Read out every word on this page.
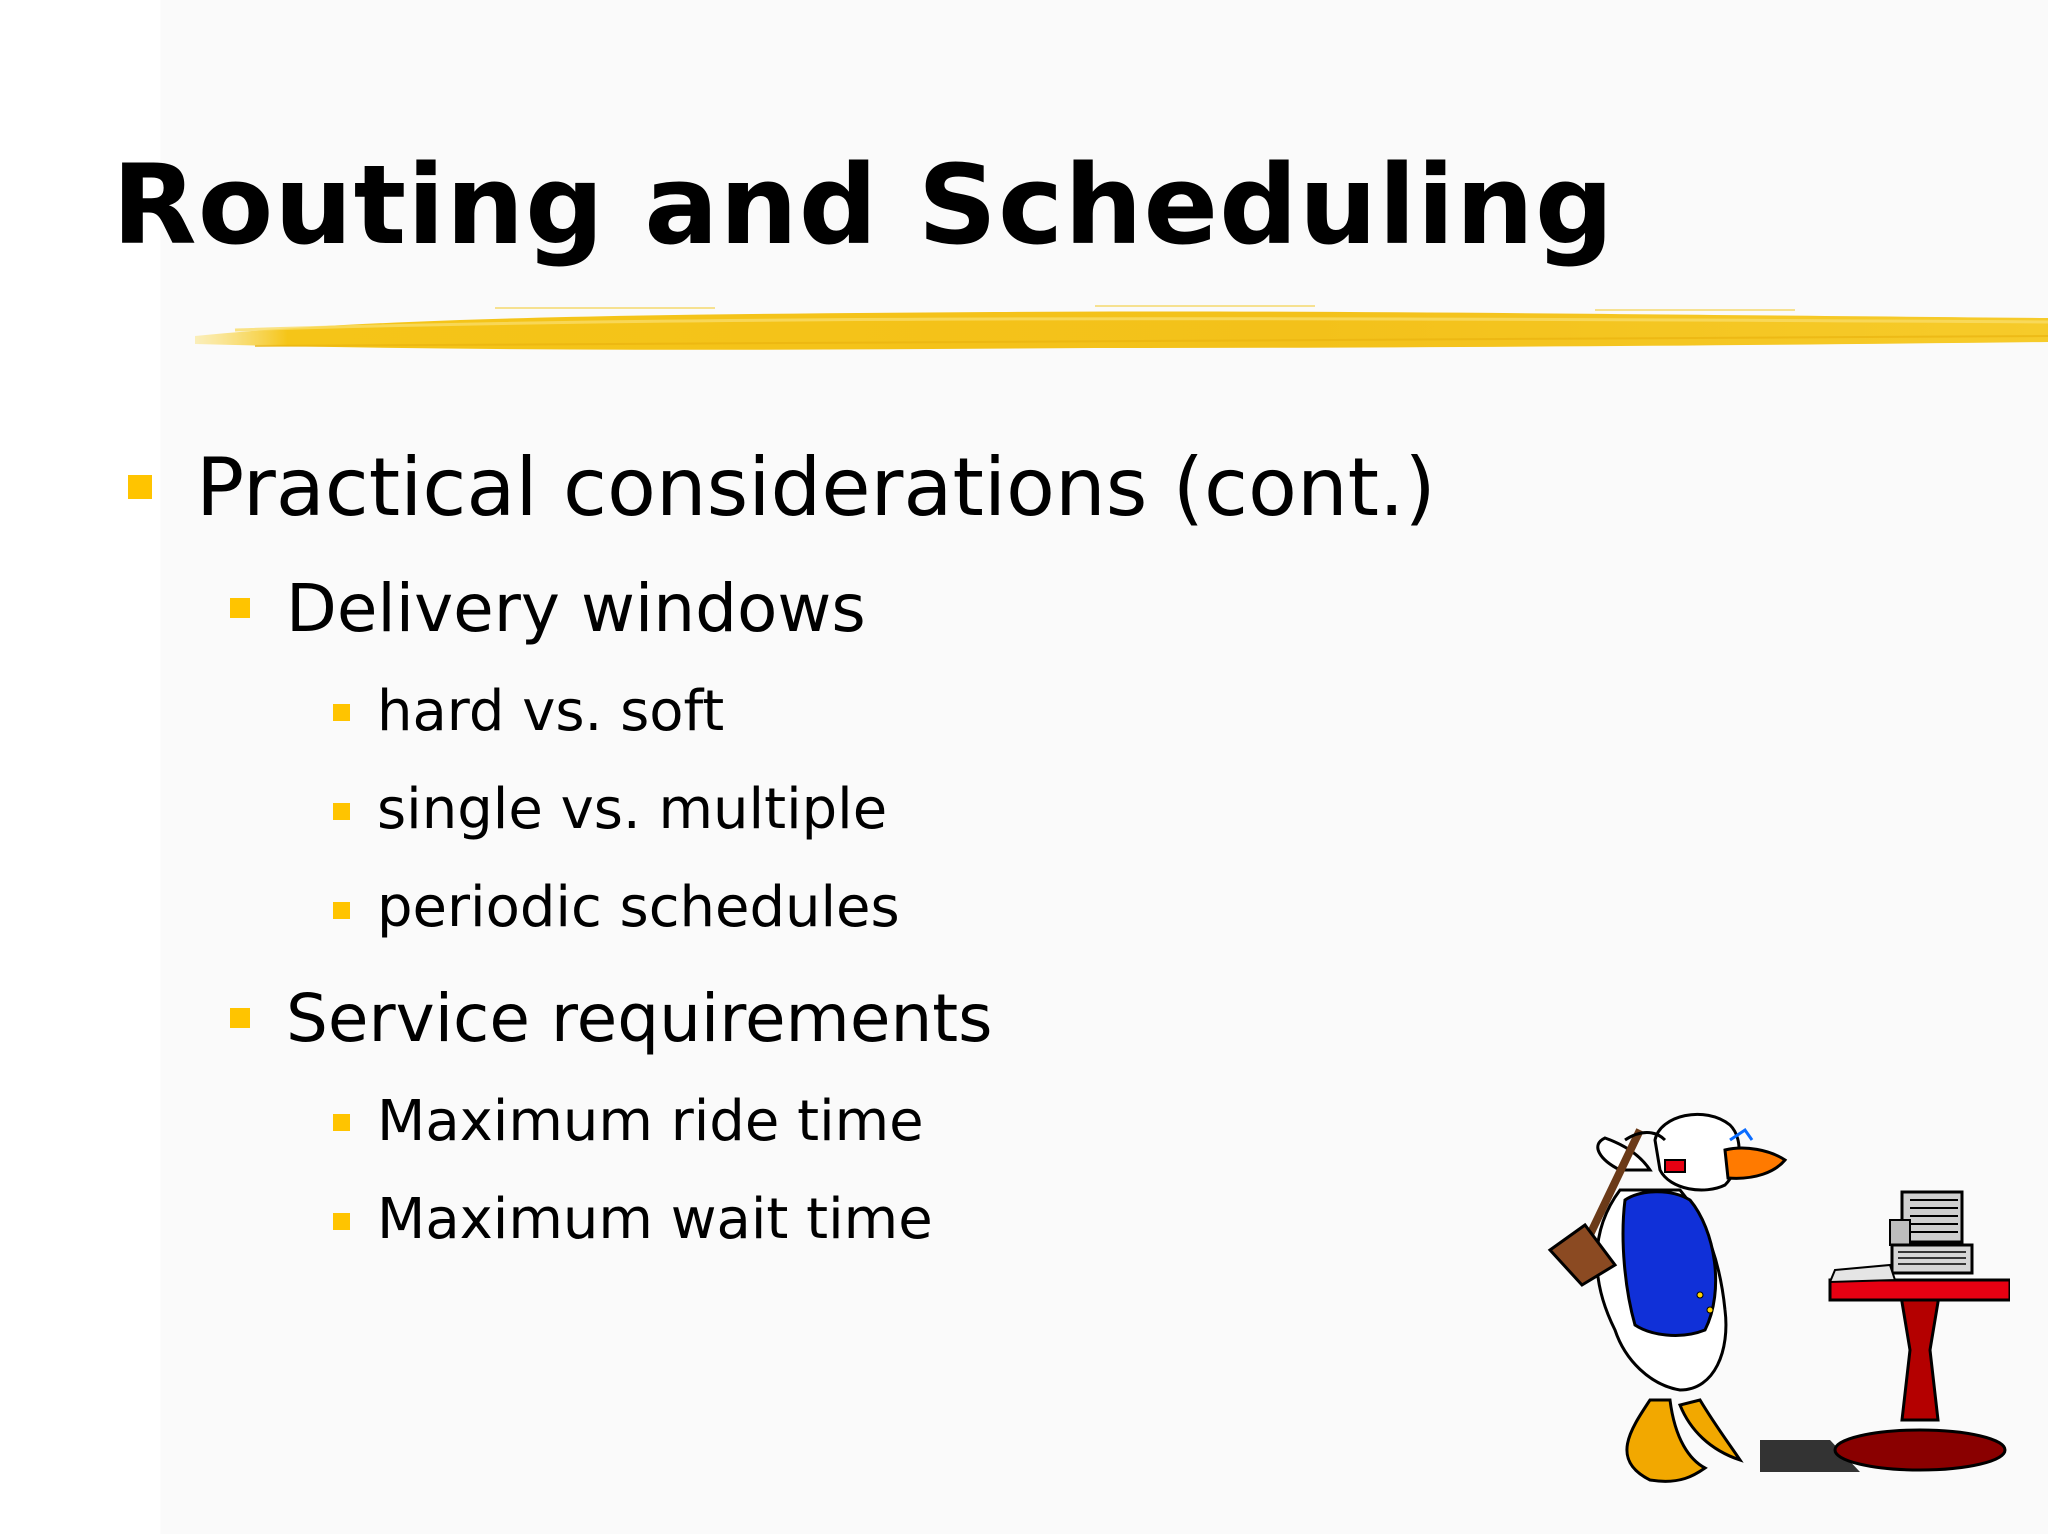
Routing and Scheduling
Practical considerations (cont.)
Delivery windows
hard vs. soft
single vs. multiple
periodic schedules
Service requirements
Maximum ride time
Maximum wait time
